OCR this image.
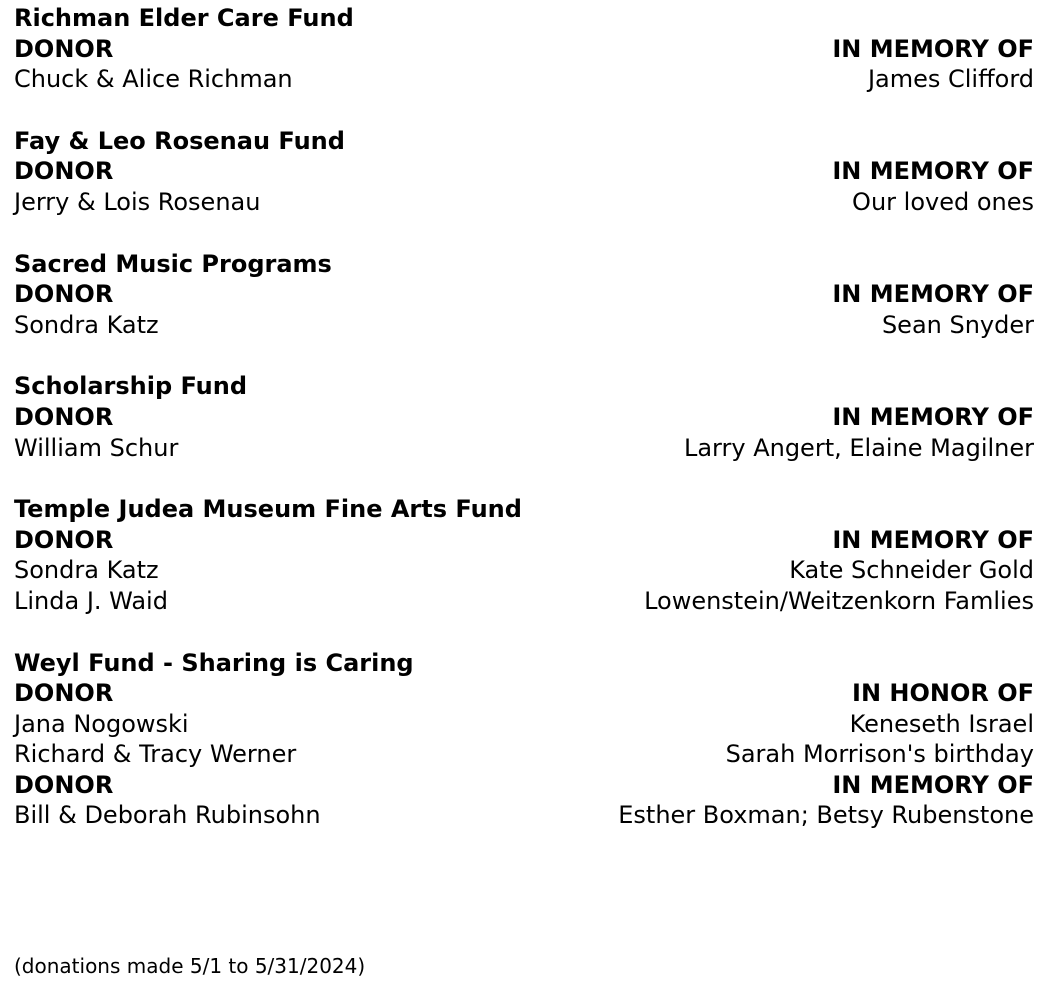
Richman Elder Care Fund
DONOR	IN MEMORY OF
Chuck & Alice Richman	James Clifford
Fay & Leo Rosenau Fund
DONOR	IN MEMORY OF
Jerry & Lois Rosenau	Our loved ones
Sacred Music Programs
DONOR	IN MEMORY OF
Sondra Katz	Sean Snyder
Scholarship Fund
DONOR	IN MEMORY OF
William Schur	Larry Angert, Elaine Magilner
Temple Judea Museum Fine Arts Fund
DONOR	IN MEMORY OF
Sondra Katz	Kate Schneider Gold
Linda J. Waid	Lowenstein/Weitzenkorn Famlies
Weyl Fund - Sharing is Caring
DONOR	IN HONOR OF
Jana Nogowski	Keneseth Israel
Richard & Tracy Werner	Sarah Morrison's birthday
DONOR	IN MEMORY OF
Bill & Deborah Rubinsohn	Esther Boxman; Betsy Rubenstone
(donations made 5/1 to 5/31/2024)
